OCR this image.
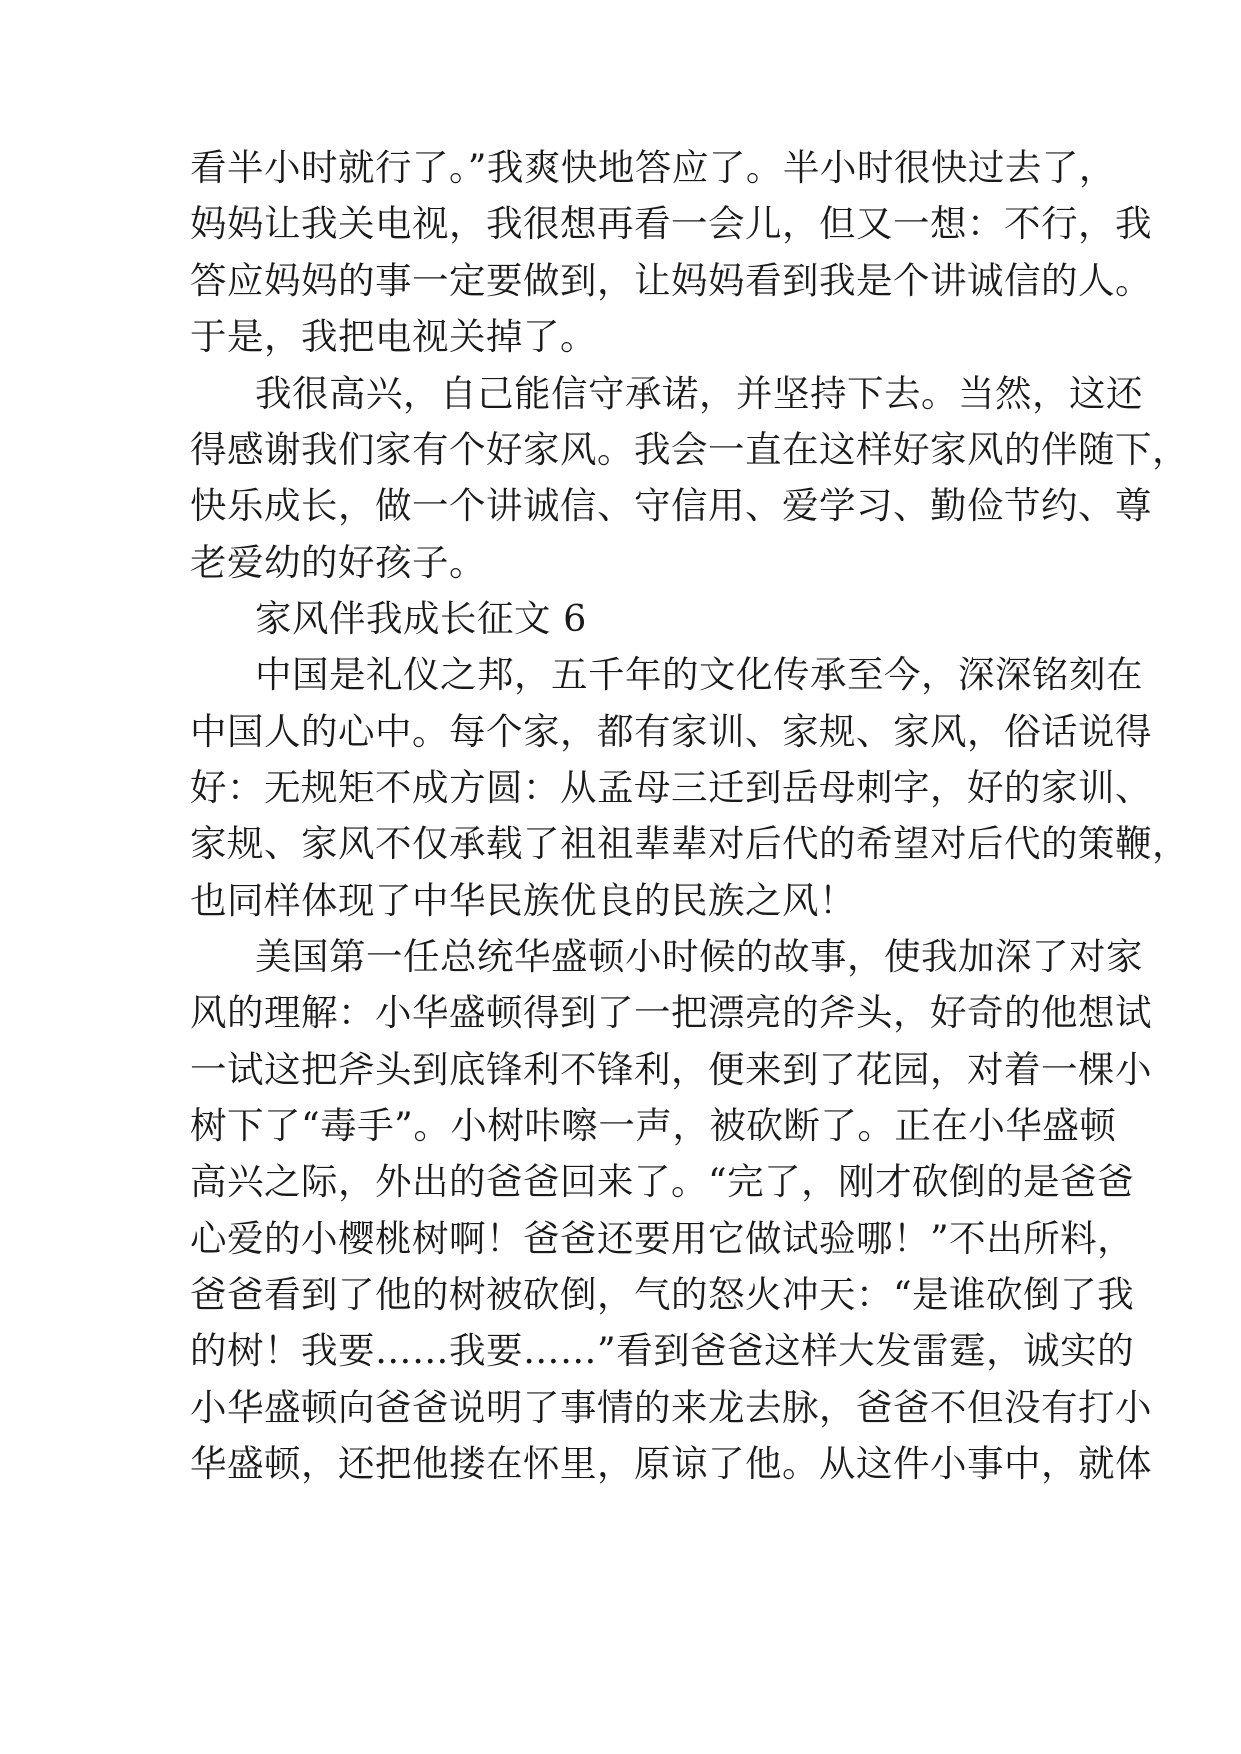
看半小时就行了。”我爽快地答应了。半小时很快过去了，
妈妈让我关电视，我很想再看一会儿，但又一想：不行，我
答应妈妈的事一定要做到，让妈妈看到我是个讲诚信的人。
于是，我把电视关掉了。
我很高兴，自己能信守承诺，并坚持下去。当然，这还
得感谢我们家有个好家风。我会一直在这样好家风的伴随下，
快乐成长，做一个讲诚信、守信用、爱学习、勤俭节约、尊
老爱幼的好孩子。
家风伴我成长征文 6
中国是礼仪之邦，五千年的文化传承至今，深深铭刻在
中国人的心中。每个家，都有家训、家规、家风，俗话说得
好：无规矩不成方圆：从孟母三迁到岳母刺字，好的家训、
家规、家风不仅承载了祖祖辈辈对后代的希望对后代的策鞭，
也同样体现了中华民族优良的民族之风！
美国第一任总统华盛顿小时候的故事，使我加深了对家
风的理解：小华盛顿得到了一把漂亮的斧头，好奇的他想试
一试这把斧头到底锋利不锋利，便来到了花园，对着一棵小
树下了“毒手”。小树咔嚓一声，被砍断了。正在小华盛顿
高兴之际，外出的爸爸回来了。“完了，刚才砍倒的是爸爸
心爱的小樱桃树啊！爸爸还要用它做试验哪！”不出所料，
爸爸看到了他的树被砍倒，气的怒火冲天：“是谁砍倒了我
的树！我要……我要……”看到爸爸这样大发雷霆，诚实的
小华盛顿向爸爸说明了事情的来龙去脉，爸爸不但没有打小
华盛顿，还把他搂在怀里，原谅了他。从这件小事中，就体
